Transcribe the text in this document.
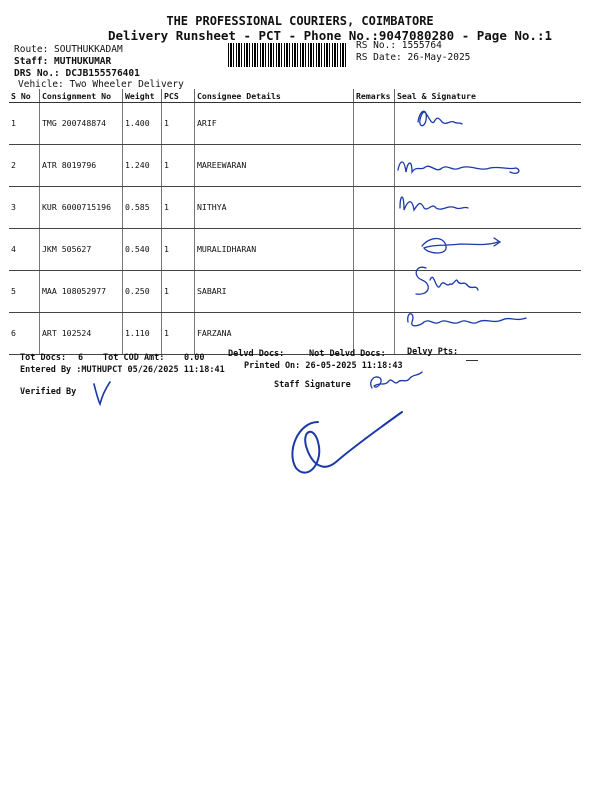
THE PROFESSIONAL COURIERS, COIMBATORE
Delivery Runsheet - PCT - Phone No.:9047080280 - Page No.:1
Route: SOUTHUKKADAM
Staff: MUTHUKUMAR
DRS No.: DCJB155576401
Vehicle: Two Wheeler Delivery
RS No.: 1555764
RS Date: 26-May-2025
S No	Consignment No	Weight	PCS	Consignee Details	Remarks	Seal & Signature
1	TMG 200748874	1.400	1	ARIF		
2	ATR 8019796	1.240	1	MAREEWARAN		
3	KUR 6000715196	0.585	1	NITHYA		
4	JKM 505627	0.540	1	MURALIDHARAN		
5	MAA 108052977	0.250	1	SABARI		
6	ART 102524	1.110	1	FARZANA		
Tot Docs: 6 Tot COD Amt: 0.00	Delvd Docs:	Not Delvd Docs: Delvy Pts:
Entered By :MUTHUPCT 05/26/2025 11:18:41 Printed On: 26-05-2025 11:18:43
Verified By
Staff Signature
